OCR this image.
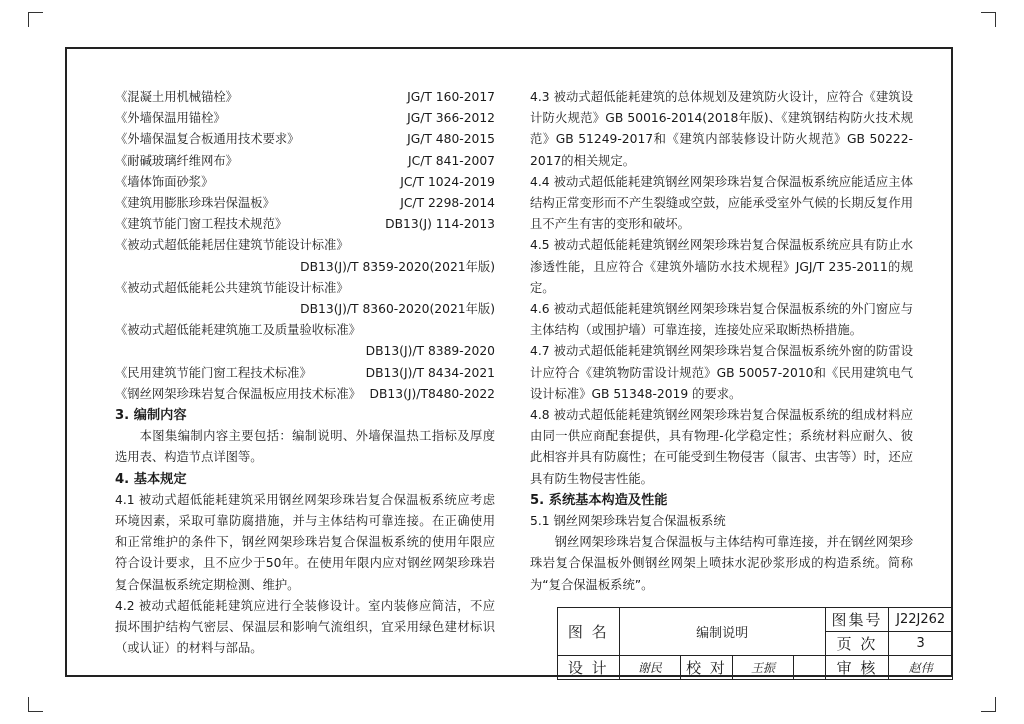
《混凝土用机械锚栓》	JG/T 160-2017
《外墙保温用锚栓》	JG/T 366-2012
《外墙保温复合板通用技术要求》	JG/T 480-2015
《耐碱玻璃纤维网布》	JC/T 841-2007
《墙体饰面砂浆》	JC/T 1024-2019
《建筑用膨胀珍珠岩保温板》	JC/T 2298-2014
《建筑节能门窗工程技术规范》	DB13(J) 114-2013
《被动式超低能耗居住建筑节能设计标准》
DB13(J)/T 8359-2020(2021年版)
《被动式超低能耗公共建筑节能设计标准》
DB13(J)/T 8360-2020(2021年版)
《被动式超低能耗建筑施工及质量验收标准》
DB13(J)/T 8389-2020
《民用建筑节能门窗工程技术标准》	DB13(J)/T 8434-2021
《钢丝网架珍珠岩复合保温板应用技术标准》 DB13(J)/T8480-2022
3. 编制内容
本图集编制内容主要包括：编制说明、外墙保温热工指标及厚度选用表、构造节点详图等。
4. 基本规定
4.1 被动式超低能耗建筑采用钢丝网架珍珠岩复合保温板系统应考虑环境因素，采取可靠防腐措施，并与主体结构可靠连接。在正确使用和正常维护的条件下，钢丝网架珍珠岩复合保温板系统的使用年限应符合设计要求，且不应少于50年。在使用年限内应对钢丝网架珍珠岩复合保温板系统定期检测、维护。
4.2 被动式超低能耗建筑应进行全装修设计。室内装修应简洁，不应损坏围护结构气密层、保温层和影响气流组织，宜采用绿色建材标识（或认证）的材料与部品。
4.3 被动式超低能耗建筑的总体规划及建筑防火设计，应符合《建筑设计防火规范》GB 50016-2014(2018年版)、《建筑钢结构防火技术规范》GB 51249-2017和《建筑内部装修设计防火规范》GB 50222-2017的相关规定。
4.4 被动式超低能耗建筑钢丝网架珍珠岩复合保温板系统应能适应主体结构正常变形而不产生裂缝或空鼓，应能承受室外气候的长期反复作用且不产生有害的变形和破坏。
4.5 被动式超低能耗建筑钢丝网架珍珠岩复合保温板系统应具有防止水渗透性能，且应符合《建筑外墙防水技术规程》JGJ/T 235-2011的规定。
4.6 被动式超低能耗建筑钢丝网架珍珠岩复合保温板系统的外门窗应与主体结构（或围护墙）可靠连接，连接处应采取断热桥措施。
4.7 被动式超低能耗建筑钢丝网架珍珠岩复合保温板系统外窗的防雷设计应符合《建筑物防雷设计规范》GB 50057-2010和《民用建筑电气设计标准》GB 51348-2019 的要求。
4.8 被动式超低能耗建筑钢丝网架珍珠岩复合保温板系统的组成材料应由同一供应商配套提供，具有物理-化学稳定性；系统材料应耐久、彼此相容并具有防腐性；在可能受到生物侵害（鼠害、虫害等）时，还应具有防生物侵害性能。
5. 系统基本构造及性能
5.1 钢丝网架珍珠岩复合保温板系统
钢丝网架珍珠岩复合保温板与主体结构可靠连接，并在钢丝网架珍珠岩复合保温板外侧钢丝网架上喷抹水泥砂浆形成的构造系统。简称为“复合保温板系统”。
图 名	编制说明				图集号	J22J262
					页 次	3
设 计	谢民	校 对	王振		审 核	赵伟
